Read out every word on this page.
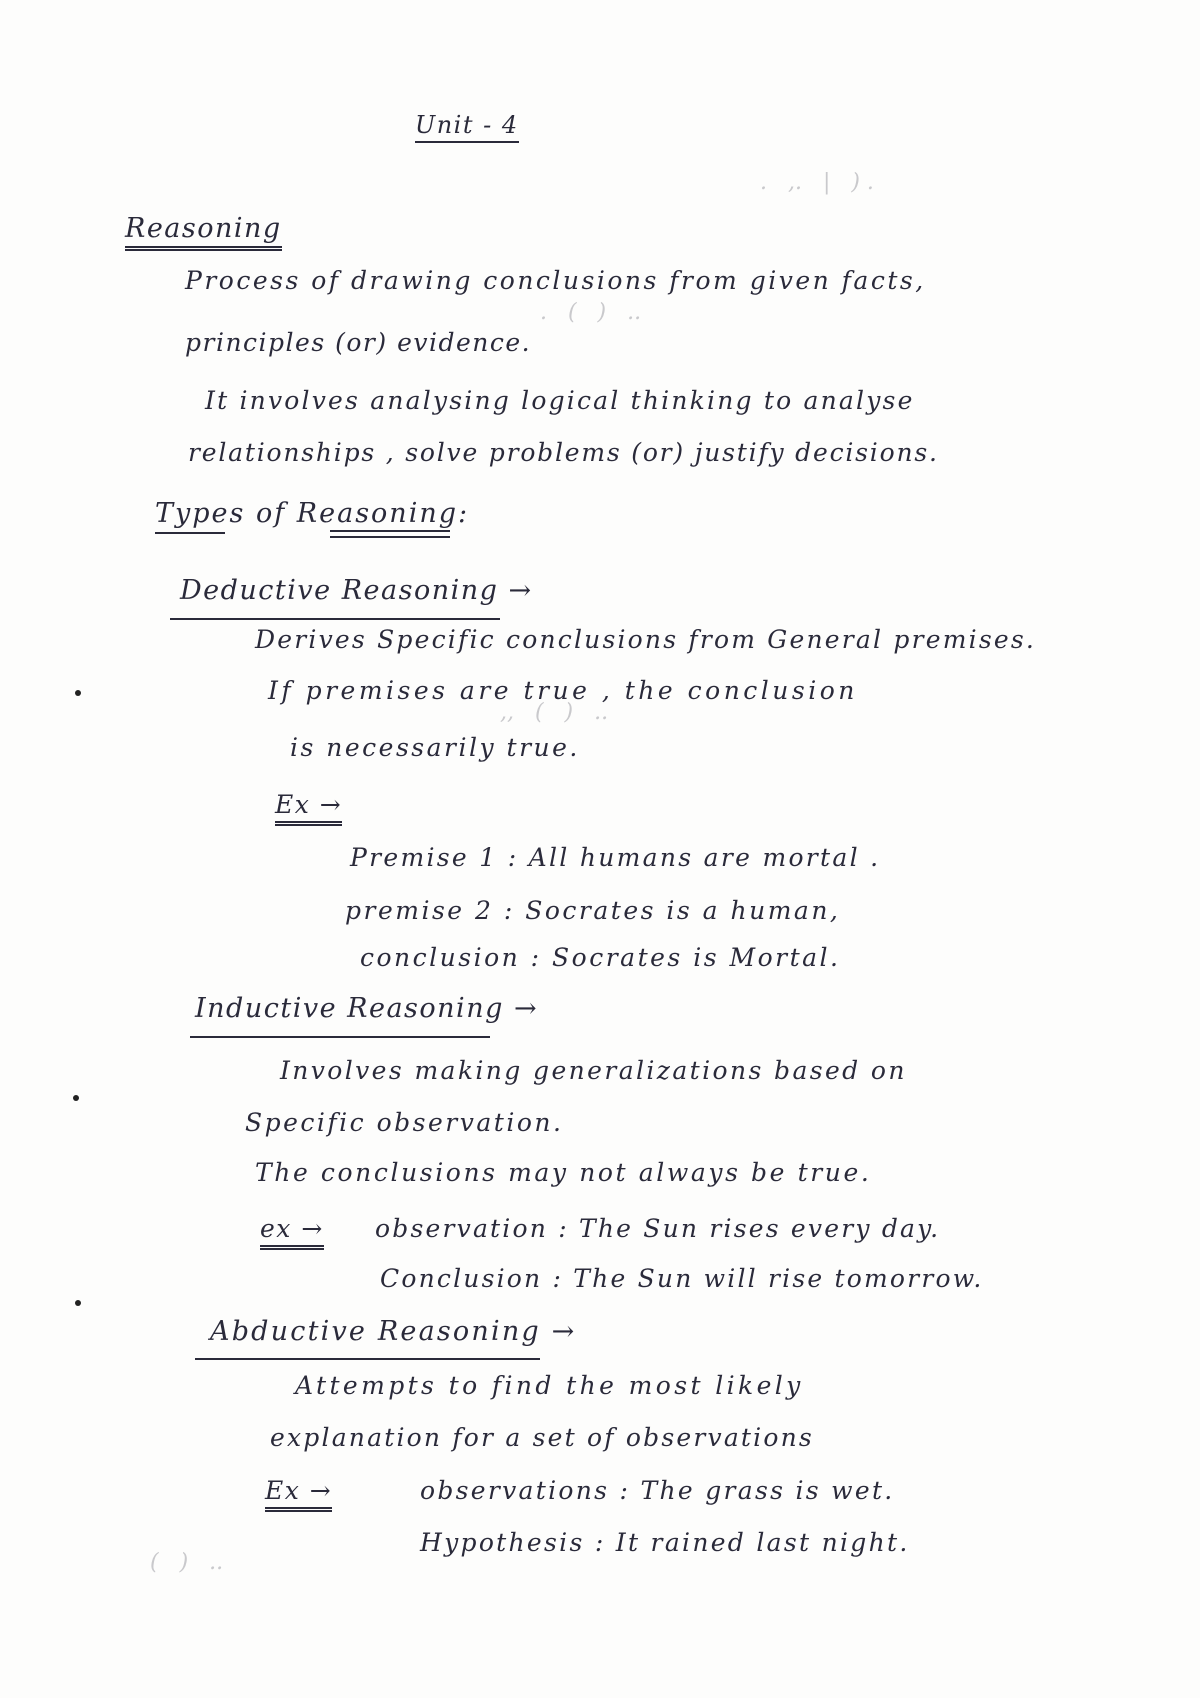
.   ,.   |   ) .
.   (   )   ..
,,   (   )   ..
(   )   ..
Unit - 4
Reasoning
Process of drawing conclusions from given facts,
principles (or) evidence.
It involves analysing logical thinking to analyse
relationships , solve problems (or) justify decisions.
Types of Reasoning:
Deductive Reasoning →
Derives Specific conclusions from General premises.
If premises are true , the conclusion
is necessarily true.
Ex →
Premise 1 : All humans are mortal .
premise 2 : Socrates is a human,
conclusion : Socrates is Mortal.
Inductive Reasoning →
Involves making generalizations based on
Specific observation.
The conclusions may not always be true.
ex → observation : The Sun rises every day.
Conclusion : The Sun will rise tomorrow.
Abductive Reasoning →
Attempts to find the most likely
explanation for a set of observations
Ex →	observations : The grass is wet.
Hypothesis : It rained last night.
